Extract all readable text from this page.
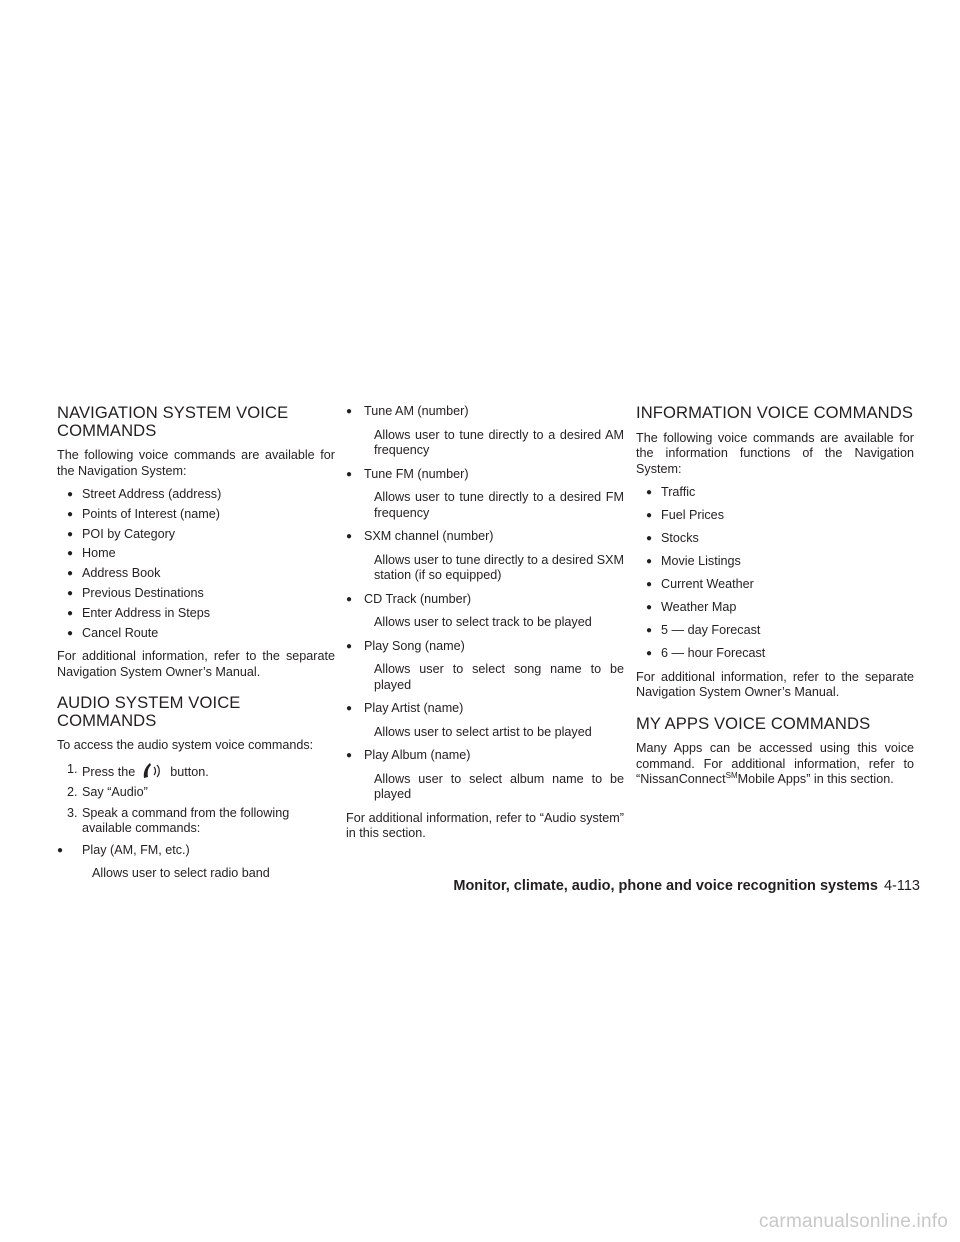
NAVIGATION SYSTEM VOICE COMMANDS

The following voice commands are available for the Navigation System:

● Street Address (address)
● Points of Interest (name)
● POI by Category
● Home
● Address Book
● Previous Destinations
● Enter Address in Steps
● Cancel Route

For additional information, refer to the separate Navigation System Owner’s Manual.

AUDIO SYSTEM VOICE COMMANDS

To access the audio system voice commands:

1. Press the	button.
2. Say “Audio”
3. Speak a command from the following available commands:
● Play (AM, FM, etc.)
Allows user to select radio band
● Tune AM (number)
Allows user to tune directly to a desired AM frequency
● Tune FM (number)
Allows user to tune directly to a desired FM frequency
● SXM channel (number)
Allows user to tune directly to a desired SXM station (if so equipped)
● CD Track (number)
Allows user to select track to be played
● Play Song (name)
Allows user to select song name to be played
● Play Artist (name)
Allows user to select artist to be played
● Play Album (name)
Allows user to select album name to be played

For additional information, refer to “Audio system” in this section.

INFORMATION VOICE COMMANDS

The following voice commands are available for the information functions of the Navigation System:

● Traffic
● Fuel Prices
● Stocks
● Movie Listings
● Current Weather
● Weather Map
● 5 — day Forecast
● 6 — hour Forecast

For additional information, refer to the separate Navigation System Owner’s Manual.

MY APPS VOICE COMMANDS

Many Apps can be accessed using this voice command. For additional information, refer to “NissanConnect℠Mobile Apps” in this section.

Monitor, climate, audio, phone and voice recognition systems 4-113
carmanualsonline.info
